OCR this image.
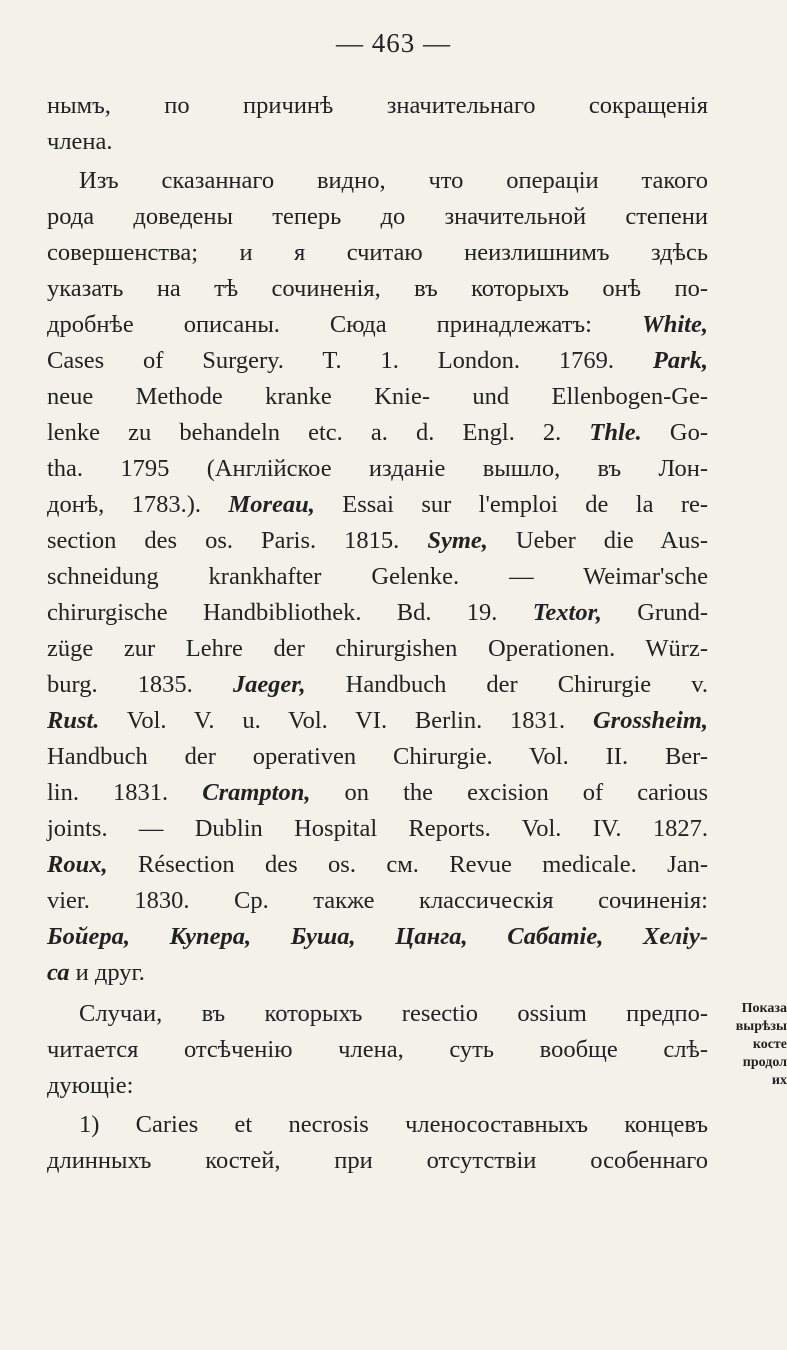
— 463 —
нымъ, по причинѣ значительнаго сокращенія
члена.
Изъ сказаннаго видно, что операціи такого
рода доведены теперь до значительной степени
совершенства; и я считаю неизлишнимъ здѣсь
указать на тѣ сочиненія, въ которыхъ онѣ по-
дробнѣе описаны. Сюда принадлежатъ: White,
Cases of Surgery. T. 1. London. 1769. Park,
neue Methode kranke Knie- und Ellenbogen-Ge-
lenke zu behandeln etc. a. d. Engl. 2. Thle. Go-
tha. 1795 (Англійское изданіе вышло, въ Лон-
донѣ, 1783.). Moreau, Essai sur l'emploi de la re-
section des os. Paris. 1815. Syme, Ueber die Aus-
schneidung krankhafter Gelenke. — Weimar'sche
chirurgische Handbibliothek. Bd. 19. Textor, Grund-
züge zur Lehre der chirurgishen Operationen. Würz-
burg. 1835. Jaeger, Handbuch der Chirurgie v.
Rust. Vol. V. u. Vol. VI. Berlin. 1831. Grossheim,
Handbuch der operativen Chirurgie. Vol. II. Ber-
lin. 1831. Crampton, on the excision of carious
joints. — Dublin Hospital Reports. Vol. IV. 1827.
Roux, Résection des os. см. Revue medicale. Jan-
vier. 1830. Ср. также классическія сочиненія:
Бойера, Купера, Буша, Цанга, Сабатіе, Хеліу-
са и друг.
Случаи, въ которыхъ resectio ossium предпо-
читается отсѣченію члена, суть вообще слѣ-
дующіе:
1) Caries et necrosis членосоставныхъ концевъ
длинныхъ костей, при отсутствіи особеннаго
Показа
вырѣзы
косте
продол
их
